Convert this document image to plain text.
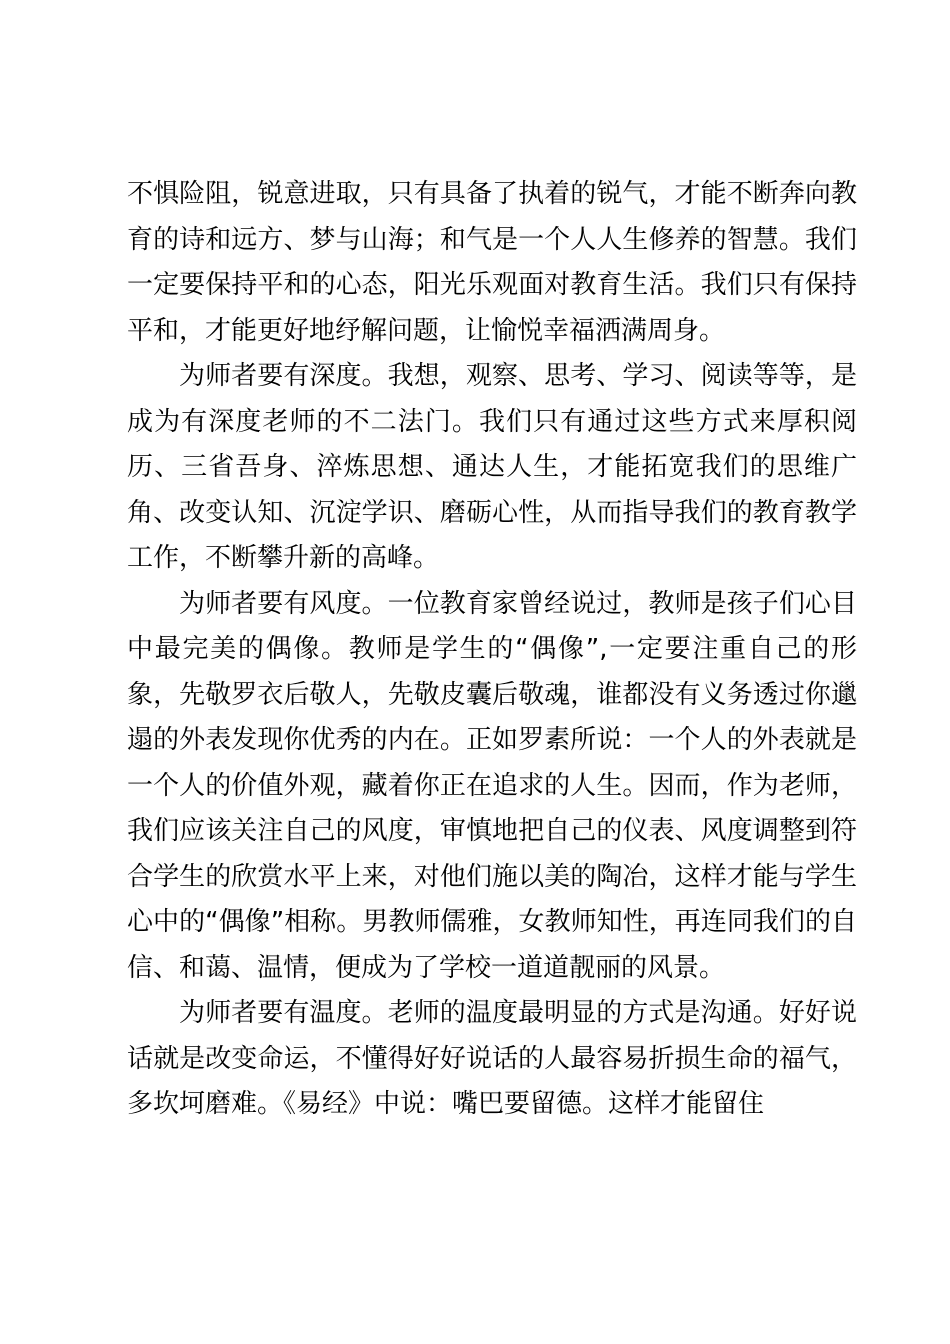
不惧险阻，锐意进取，只有具备了执着的锐气，才能不断奔向教育的诗和远方、梦与山海；和气是一个人人生修养的智慧。我们一定要保持平和的心态，阳光乐观面对教育生活。我们只有保持平和，才能更好地纾解问题，让愉悦幸福洒满周身。

为师者要有深度。我想，观察、思考、学习、阅读等等，是成为有深度老师的不二法门。我们只有通过这些方式来厚积阅历、三省吾身、淬炼思想、通达人生，才能拓宽我们的思维广角、改变认知、沉淀学识、磨砺心性，从而指导我们的教育教学工作，不断攀升新的高峰。

为师者要有风度。一位教育家曾经说过，教师是孩子们心目中最完美的偶像。教师是学生的“偶像”,一定要注重自己的形象，先敬罗衣后敬人，先敬皮囊后敬魂，谁都没有义务透过你邋遢的外表发现你优秀的内在。正如罗素所说：一个人的外表就是一个人的价值外观，藏着你正在追求的人生。因而，作为老师，我们应该关注自己的风度，审慎地把自己的仪表、风度调整到符合学生的欣赏水平上来，对他们施以美的陶冶，这样才能与学生心中的“偶像”相称。男教师儒雅，女教师知性，再连同我们的自信、和蔼、温情，便成为了学校一道道靓丽的风景。

为师者要有温度。老师的温度最明显的方式是沟通。好好说话就是改变命运，不懂得好好说话的人最容易折损生命的福气，多坎坷磨难。《易经》中说：嘴巴要留德。这样才能留住
